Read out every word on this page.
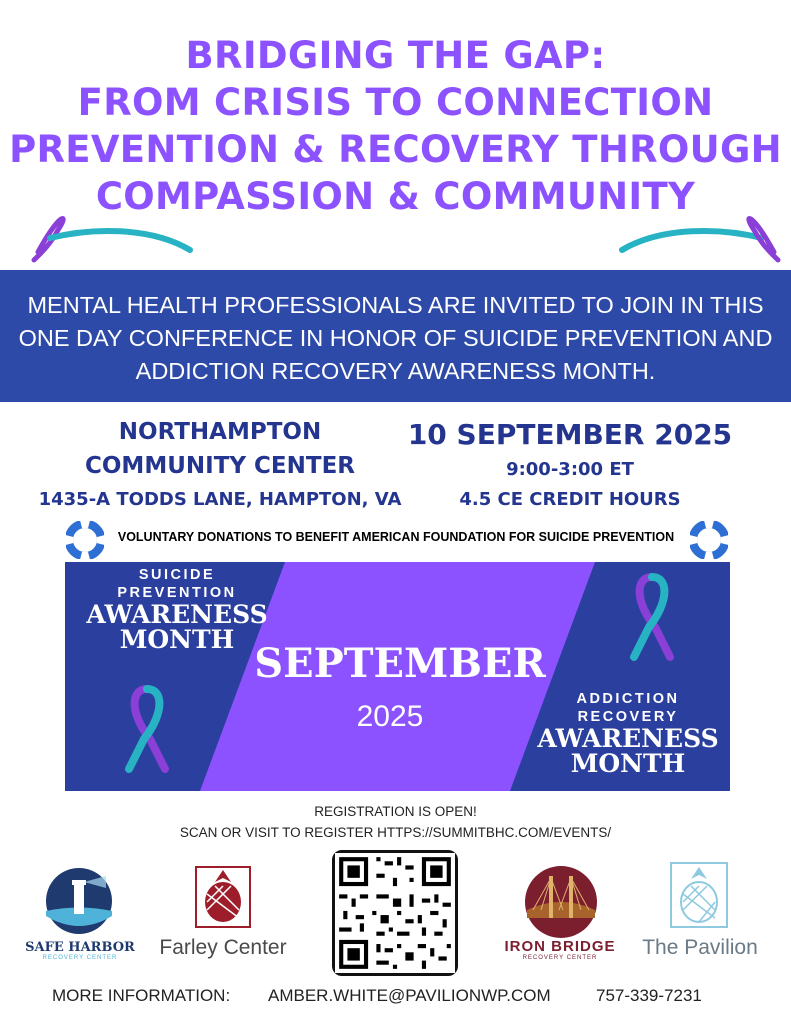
BRIDGING THE GAP:
FROM CRISIS TO CONNECTION
PREVENTION & RECOVERY THROUGH
COMPASSION & COMMUNITY
MENTAL HEALTH PROFESSIONALS ARE INVITED TO JOIN IN THIS
ONE DAY CONFERENCE IN HONOR OF SUICIDE PREVENTION AND
ADDICTION RECOVERY AWARENESS MONTH.
NORTHAMPTON
COMMUNITY CENTER
1435-A TODDS LANE, HAMPTON, VA
10 SEPTEMBER 2025
9:00-3:00 ET
4.5 CE CREDIT HOURS
VOLUNTARY DONATIONS TO BENEFIT AMERICAN FOUNDATION FOR SUICIDE PREVENTION
SUICIDE
PREVENTION
AWARENESS
MONTH
SEPTEMBER
2025
ADDICTION
RECOVERY
AWARENESS
MONTH
REGISTRATION IS OPEN!
SCAN OR VISIT TO REGISTER HTTPS://SUMMITBHC.COM/EVENTS/
SAFE HARBOR
RECOVERY CENTER	Farley Center	IRON BRIDGE
RECOVERY CENTER	The Pavilion
MORE INFORMATION: AMBER.WHITE@PAVILIONWP.COM	757-339-7231
